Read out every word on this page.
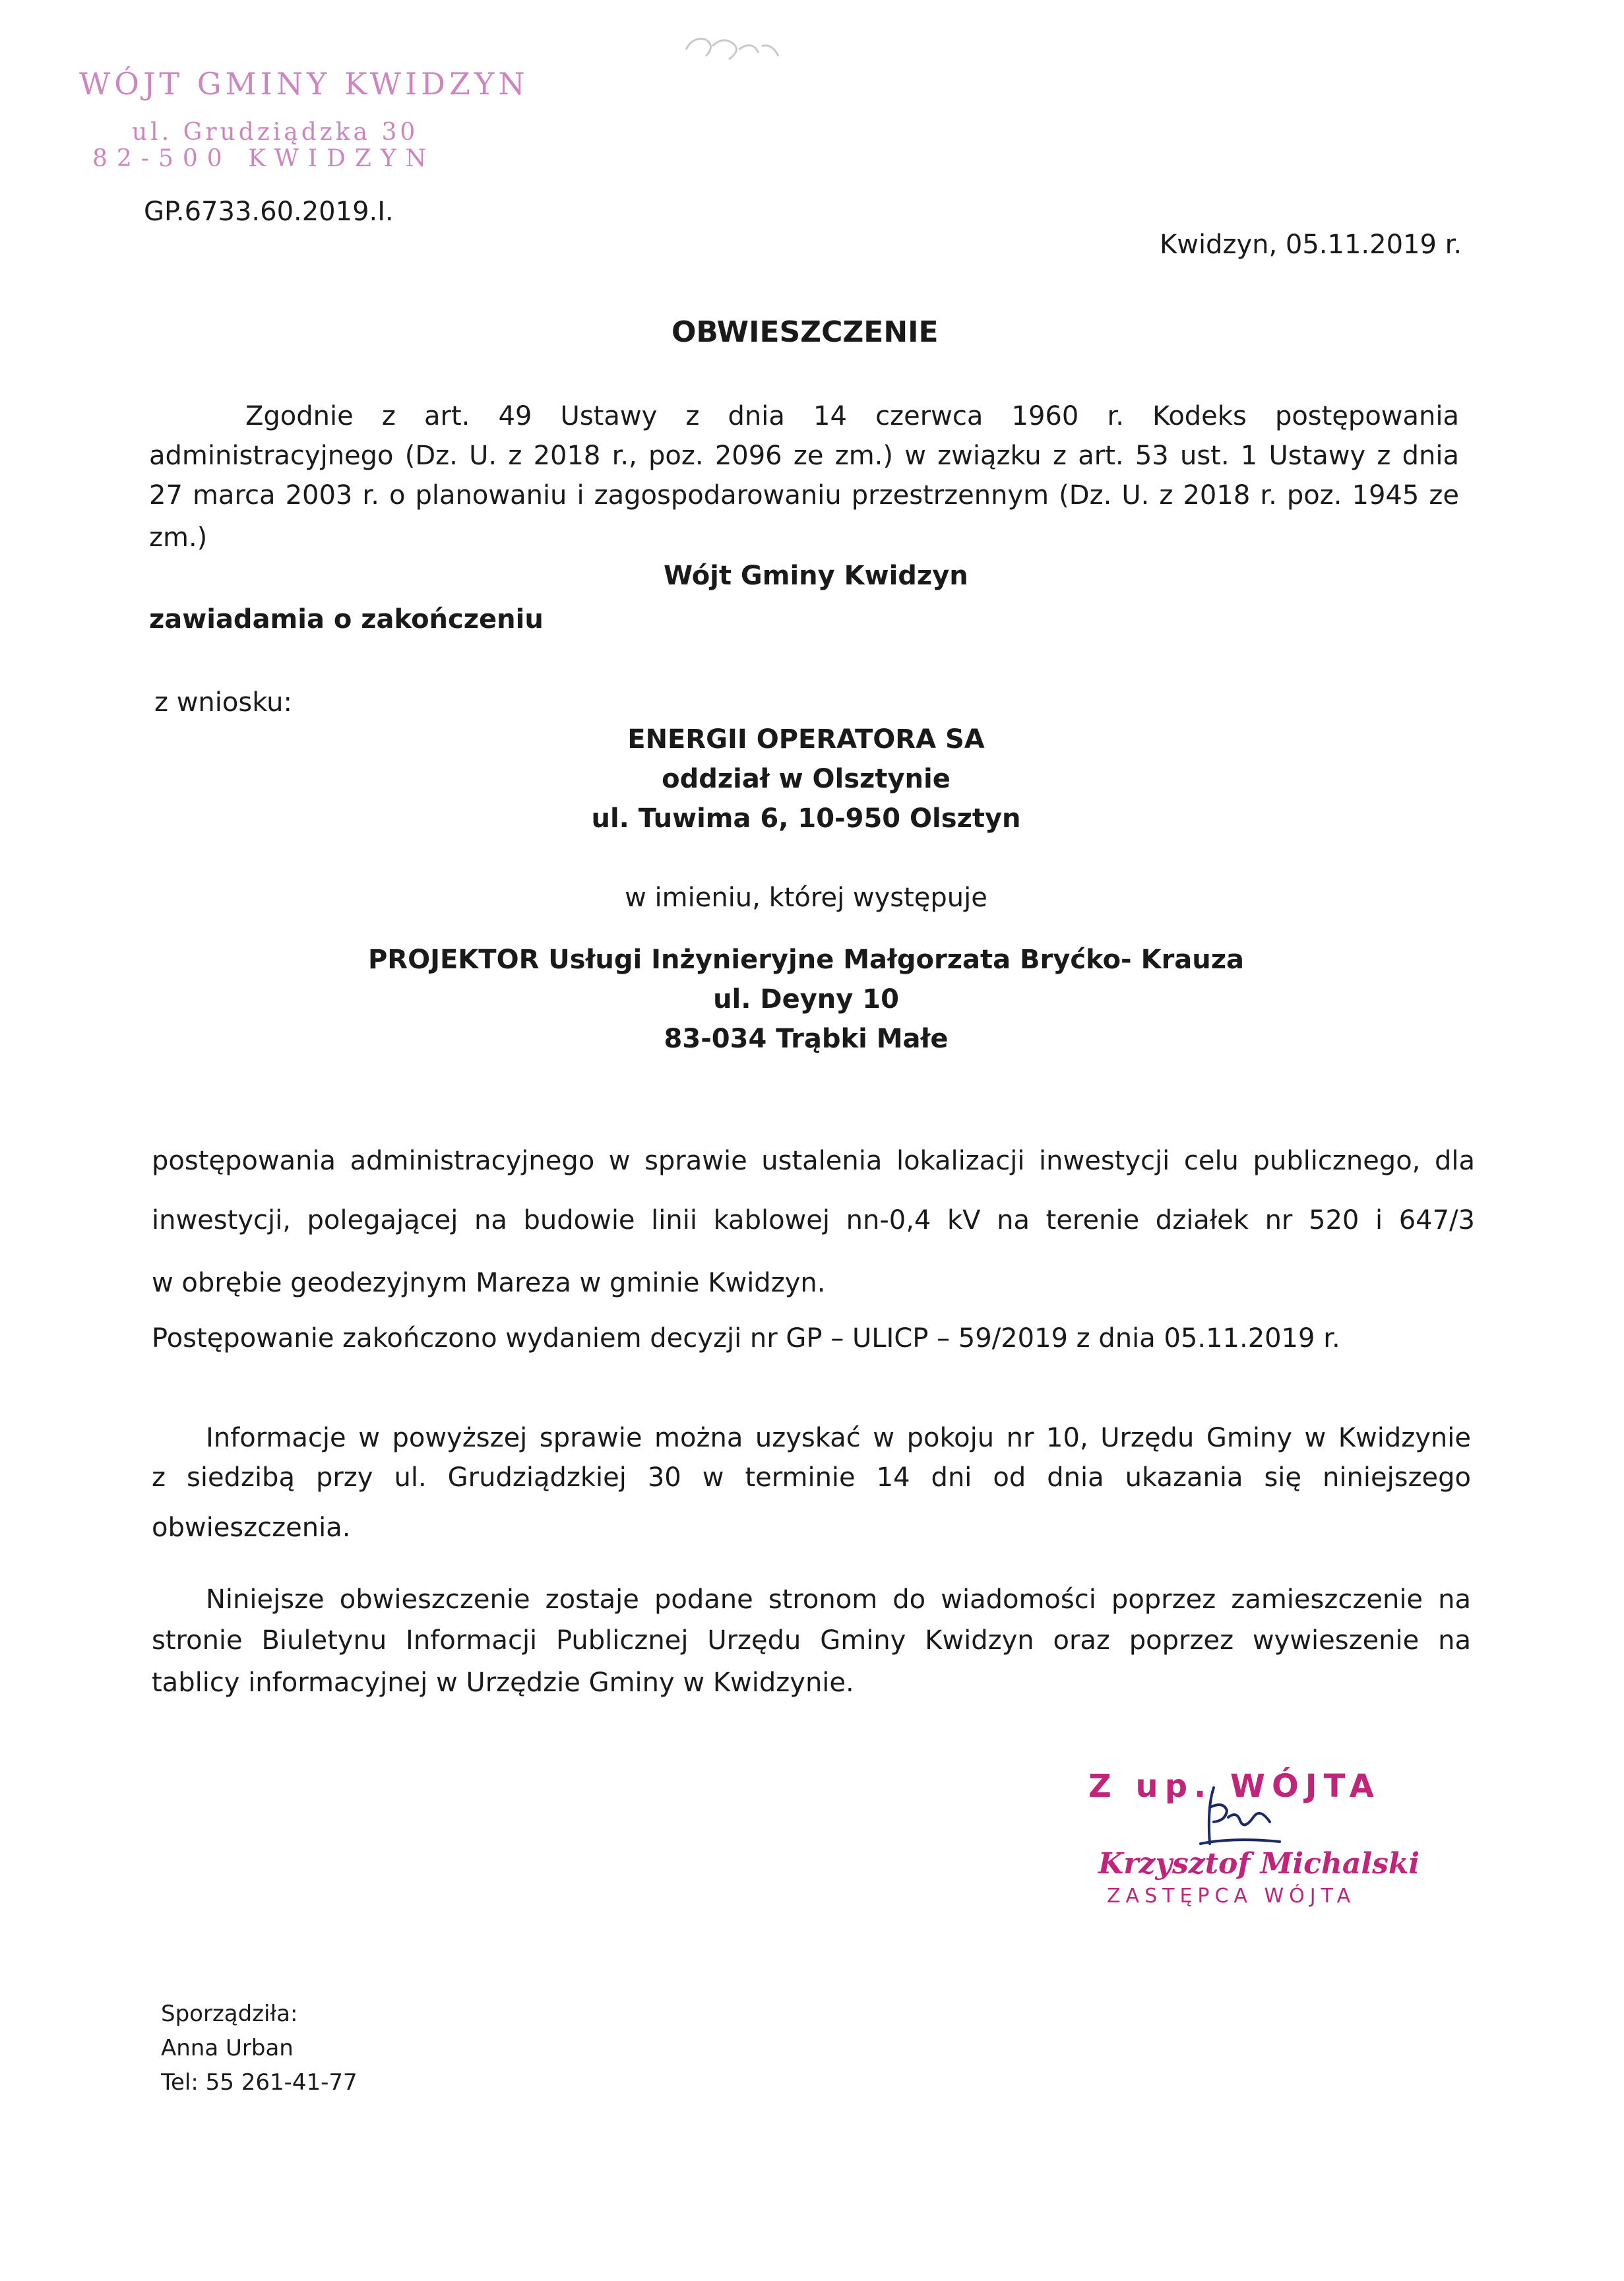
WÓJT GMINY KWIDZYN
ul. Grudziądzka 30
82-500 KWIDZYN
GP.6733.60.2019.I.
Kwidzyn, 05.11.2019 r.
OBWIESZCZENIE
Zgodnie z art. 49 Ustawy z dnia 14 czerwca 1960 r. Kodeks postępowania
administracyjnego (Dz. U. z 2018 r., poz. 2096 ze zm.) w związku z art. 53 ust. 1 Ustawy z dnia
27 marca 2003 r. o planowaniu i zagospodarowaniu przestrzennym (Dz. U. z 2018 r. poz. 1945 ze
zm.)
Wójt Gminy Kwidzyn
zawiadamia o zakończeniu
z wniosku:
ENERGII OPERATORA SA
oddział w Olsztynie
ul. Tuwima 6, 10-950 Olsztyn
w imieniu, której występuje
PROJEKTOR Usługi Inżynieryjne Małgorzata Bryćko- Krauza
ul. Deyny 10
83-034 Trąbki Małe
postępowania administracyjnego w sprawie ustalenia lokalizacji inwestycji celu publicznego, dla
inwestycji, polegającej na budowie linii kablowej nn-0,4 kV na terenie działek nr 520 i 647/3
w obrębie geodezyjnym Mareza w gminie Kwidzyn.
Postępowanie zakończono wydaniem decyzji nr GP – ULICP – 59/2019 z dnia 05.11.2019 r.
Informacje w powyższej sprawie można uzyskać w pokoju nr 10, Urzędu Gminy w Kwidzynie
z siedzibą przy ul. Grudziądzkiej 30 w terminie 14 dni od dnia ukazania się niniejszego
obwieszczenia.
Niniejsze obwieszczenie zostaje podane stronom do wiadomości poprzez zamieszczenie na
stronie Biuletynu Informacji Publicznej Urzędu Gminy Kwidzyn oraz poprzez wywieszenie na
tablicy informacyjnej w Urzędzie Gminy w Kwidzynie.
Z up. WÓJTA
Krzysztof Michalski
ZASTĘPCA WÓJTA
Sporządziła:
Anna Urban
Tel: 55 261-41-77
